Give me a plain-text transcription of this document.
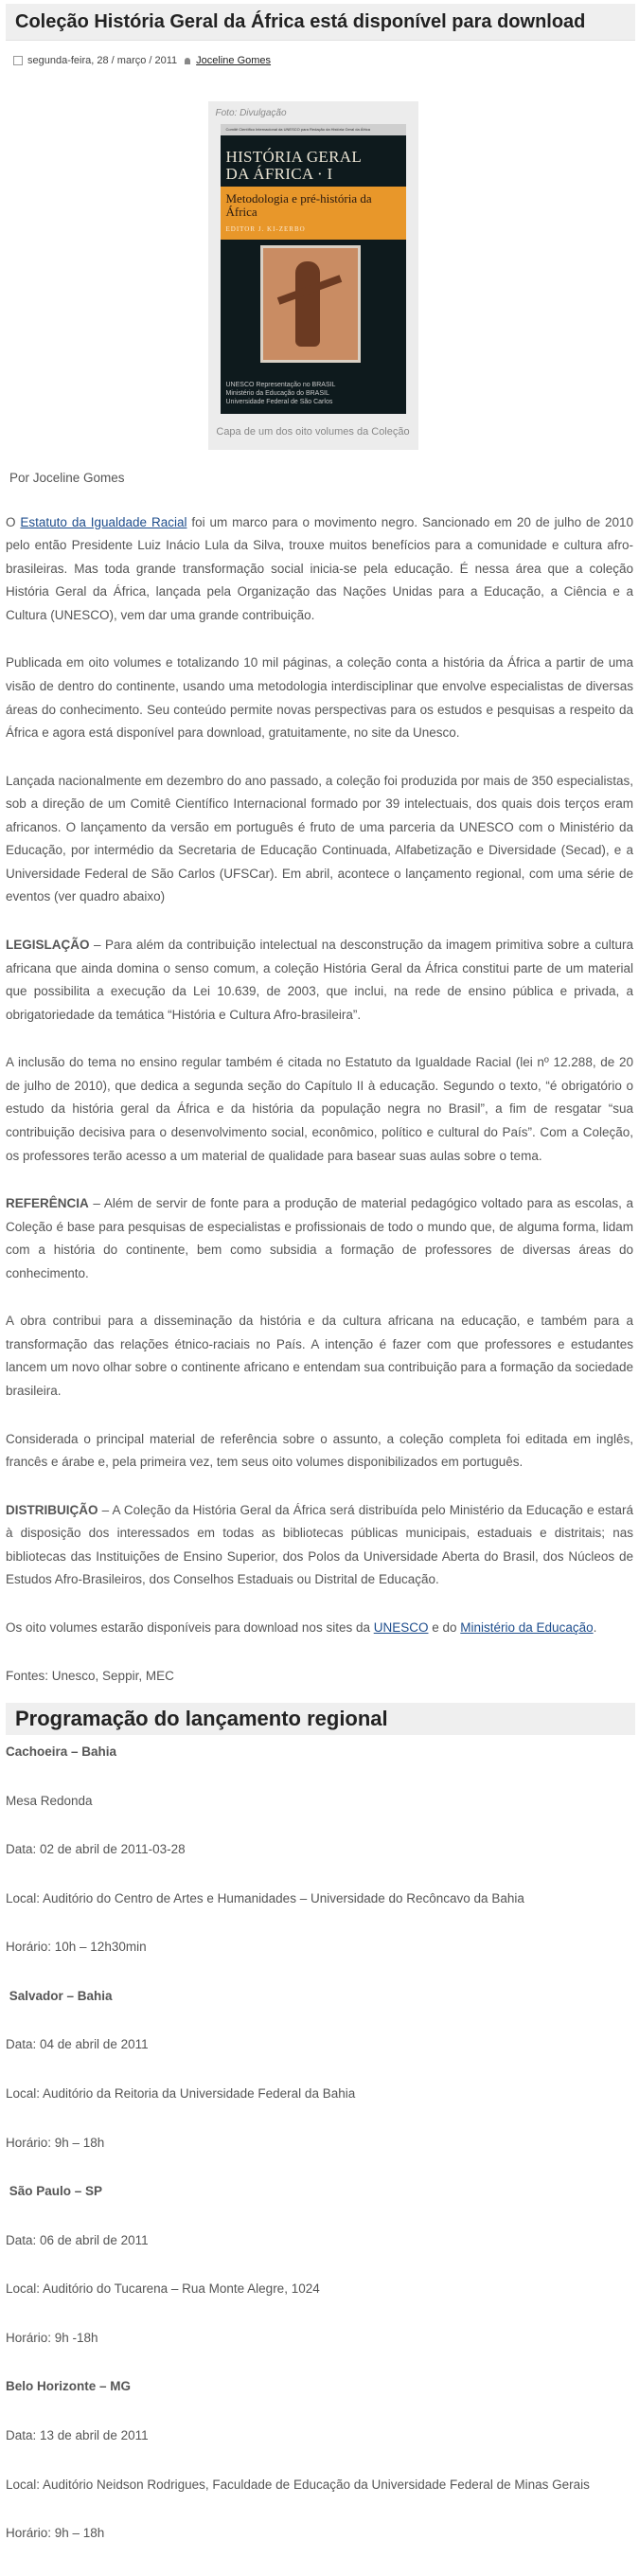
Coleção História Geral da África está disponível para download
segunda-feira, 28 / março / 2011 Joceline Gomes
Foto: Divulgação
Comitê Científico Internacional da UNESCO para Redação da História Geral da África
HISTÓRIA GERAL
DA ÁFRICA · I
Metodologia e pré-história da África
EDITOR J. KI-ZERBO
UNESCO Representação no BRASIL
Ministério da Educação do BRASIL
Universidade Federal de São Carlos
Capa de um dos oito volumes da Coleção

Por Joceline Gomes

O Estatuto da Igualdade Racial foi um marco para o movimento negro. Sancionado em 20 de julho de 2010 pelo então Presidente Luiz Inácio Lula da Silva, trouxe muitos benefícios para a comunidade e cultura afro-brasileiras. Mas toda grande transformação social inicia-se pela educação. É nessa área que a coleção História Geral da África, lançada pela Organização das Nações Unidas para a Educação, a Ciência e a Cultura (UNESCO), vem dar uma grande contribuição.

Publicada em oito volumes e totalizando 10 mil páginas, a coleção conta a história da África a partir de uma visão de dentro do continente, usando uma metodologia interdisciplinar que envolve especialistas de diversas áreas do conhecimento. Seu conteúdo permite novas perspectivas para os estudos e pesquisas a respeito da África e agora está disponível para download, gratuitamente, no site da Unesco.

Lançada nacionalmente em dezembro do ano passado, a coleção foi produzida por mais de 350 especialistas, sob a direção de um Comitê Científico Internacional formado por 39 intelectuais, dos quais dois terços eram africanos. O lançamento da versão em português é fruto de uma parceria da UNESCO com o Ministério da Educação, por intermédio da Secretaria de Educação Continuada, Alfabetização e Diversidade (Secad), e a Universidade Federal de São Carlos (UFSCar). Em abril, acontece o lançamento regional, com uma série de eventos (ver quadro abaixo)

LEGISLAÇÃO – Para além da contribuição intelectual na desconstrução da imagem primitiva sobre a cultura africana que ainda domina o senso comum, a coleção História Geral da África constitui parte de um material que possibilita a execução da Lei 10.639, de 2003, que inclui, na rede de ensino pública e privada, a obrigatoriedade da temática “História e Cultura Afro-brasileira”.

A inclusão do tema no ensino regular também é citada no Estatuto da Igualdade Racial (lei nº 12.288, de 20 de julho de 2010), que dedica a segunda seção do Capítulo II à educação. Segundo o texto, “é obrigatório o estudo da história geral da África e da história da população negra no Brasil”, a fim de resgatar “sua contribuição decisiva para o desenvolvimento social, econômico, político e cultural do País”. Com a Coleção, os professores terão acesso a um material de qualidade para basear suas aulas sobre o tema.

REFERÊNCIA – Além de servir de fonte para a produção de material pedagógico voltado para as escolas, a Coleção é base para pesquisas de especialistas e profissionais de todo o mundo que, de alguma forma, lidam com a história do continente, bem como subsidia a formação de professores de diversas áreas do conhecimento.

A obra contribui para a disseminação da história e da cultura africana na educação, e também para a transformação das relações étnico-raciais no País. A intenção é fazer com que professores e estudantes lancem um novo olhar sobre o continente africano e entendam sua contribuição para a formação da sociedade brasileira.

Considerada o principal material de referência sobre o assunto, a coleção completa foi editada em inglês, francês e árabe e, pela primeira vez, tem seus oito volumes disponibilizados em português.

DISTRIBUIÇÃO – A Coleção da História Geral da África será distribuída pelo Ministério da Educação e estará à disposição dos interessados em todas as bibliotecas públicas municipais, estaduais e distritais; nas bibliotecas das Instituições de Ensino Superior, dos Polos da Universidade Aberta do Brasil, dos Núcleos de Estudos Afro-Brasileiros, dos Conselhos Estaduais ou Distrital de Educação.

Os oito volumes estarão disponíveis para download nos sites da UNESCO e do Ministério da Educação.

Fontes: Unesco, Seppir, MEC

Programação do lançamento regional

Cachoeira – Bahia

Mesa Redonda

Data: 02 de abril de 2011-03-28

Local: Auditório do Centro de Artes e Humanidades – Universidade do Recôncavo da Bahia

Horário: 10h – 12h30min

Salvador – Bahia

Data: 04 de abril de 2011

Local: Auditório da Reitoria da Universidade Federal da Bahia

Horário: 9h – 18h

São Paulo – SP

Data: 06 de abril de 2011

Local: Auditório do Tucarena – Rua Monte Alegre, 1024

Horário: 9h -18h

Belo Horizonte – MG

Data: 13 de abril de 2011

Local: Auditório Neidson Rodrigues, Faculdade de Educação da Universidade Federal de Minas Gerais

Horário: 9h – 18h
